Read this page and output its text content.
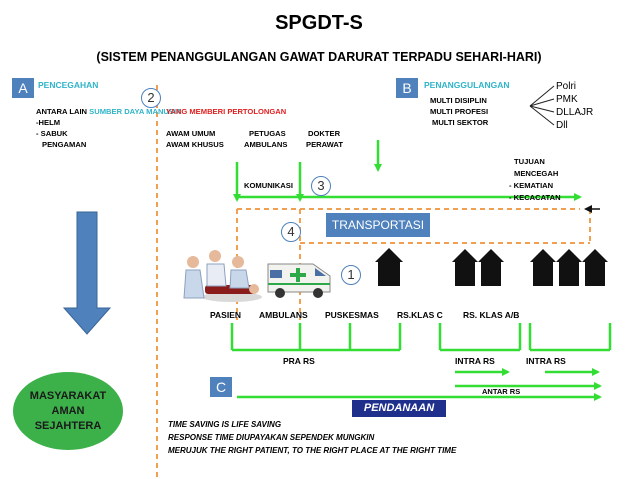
SPGDT-S
(SISTEM PENANGGULANGAN GAWAT DARURAT TERPADU SEHARI-HARI)
A	PENCEGAHAN
2
ANTARA LAIN SUMBER DAYA MANUSIA
-HELM
- SABUK
PENGAMAN
YANG MEMBERI PERTOLONGAN
AWAM UMUM	PETUGAS	DOKTER
AWAM KHUSUS	AMBULANS PERAWAT
B	PENANGGULANGAN
MULTI DISIPLIN
MULTI PROFESI
MULTI SEKTOR
Polri
PMK
DLLAJR
Dll
TUJUAN
MENCEGAH
- KEMATIAN
- KECACATAN
KOMUNIKASI	3
TRANSPORTASI
4
1
PASIEN AMBULANS PUSKESMAS RS.KLAS C RS. KLAS A/B
PRA RS	INTRA RS	INTRA RS
ANTAR RS
C
PENDANAAN
MASYARAKAT
AMAN
SEJAHTERA	TIME SAVING IS LIFE SAVING
RESPONSE TIME DIUPAYAKAN SEPENDEK MUNGKIN
MERUJUK THE RIGHT PATIENT, TO THE RIGHT PLACE AT THE RIGHT TIME
